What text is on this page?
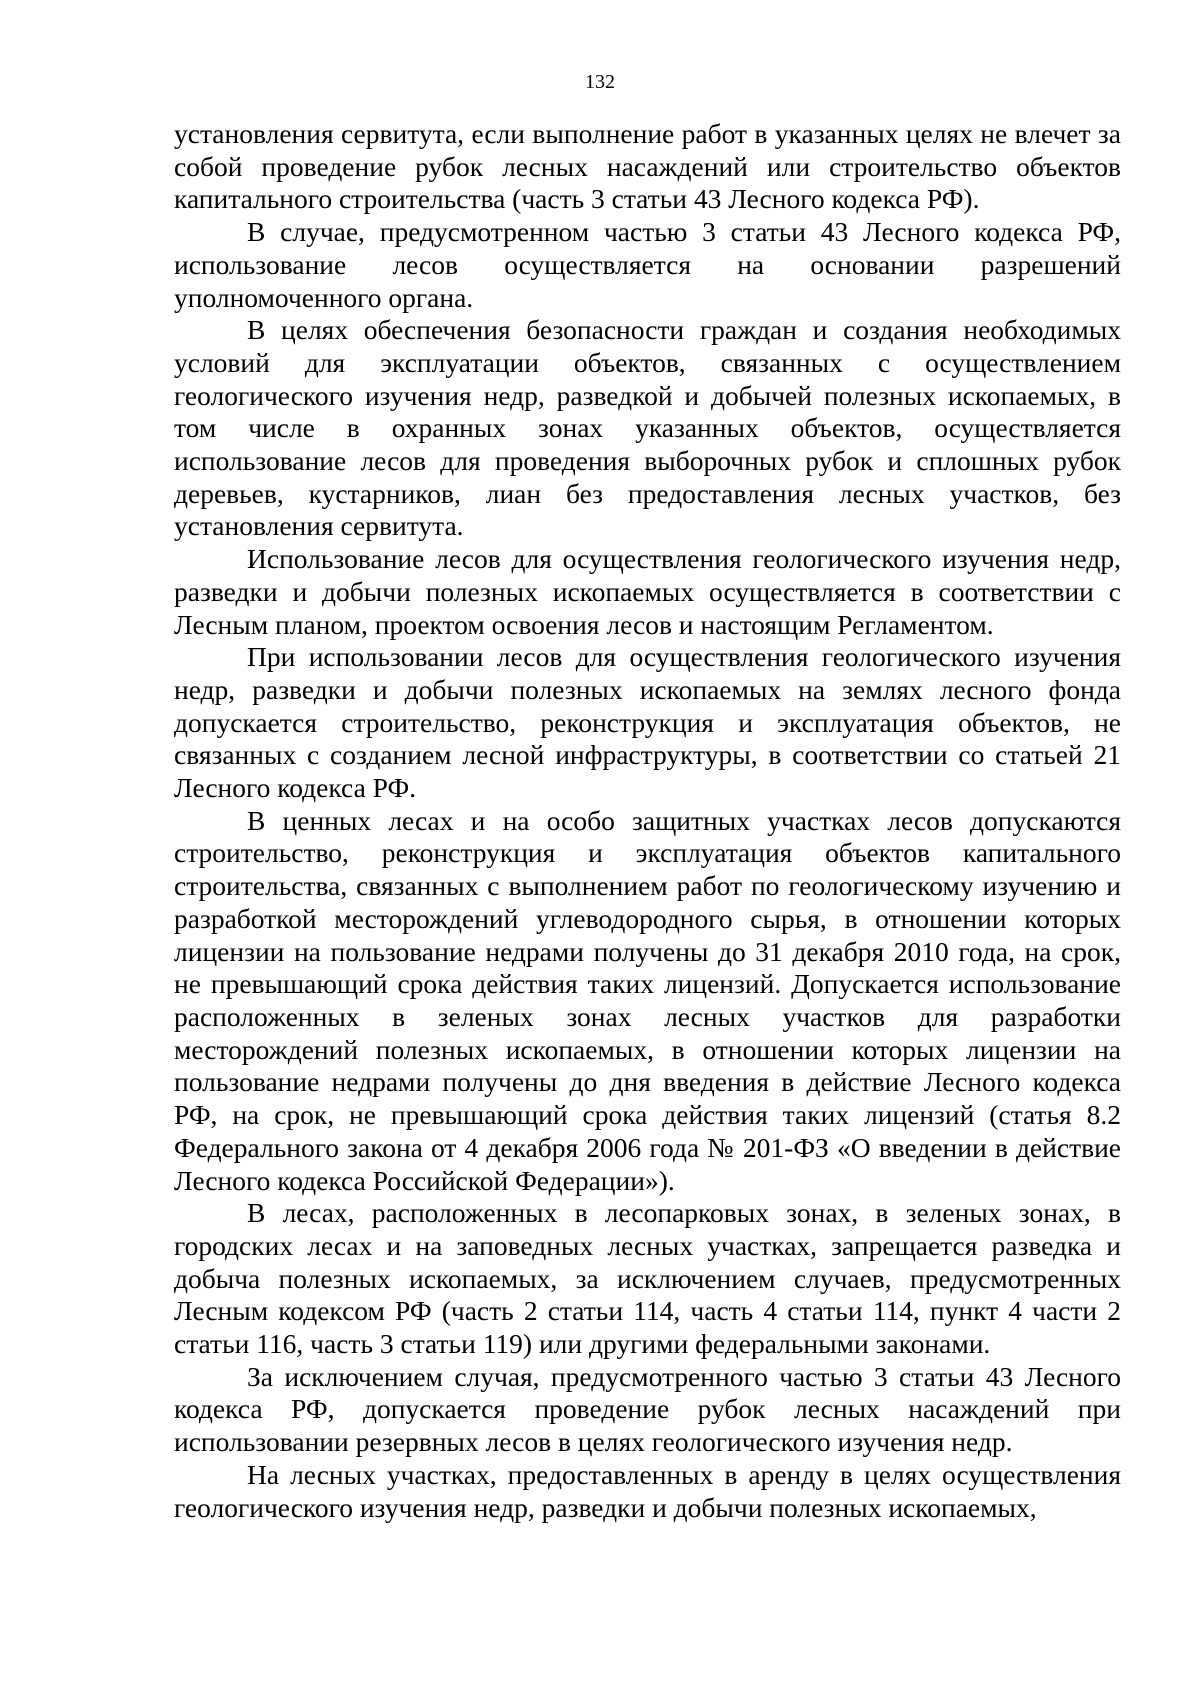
132

установления сервитута, если выполнение работ в указанных целях не влечет за собой проведение рубок лесных насаждений или строительство объектов капитального строительства (часть 3 статьи 43 Лесного кодекса РФ).

В случае, предусмотренном частью 3 статьи 43 Лесного кодекса РФ, использование лесов осуществляется на основании разрешений уполномоченного органа.

В целях обеспечения безопасности граждан и создания необходимых условий для эксплуатации объектов, связанных с осуществлением геологического изучения недр, разведкой и добычей полезных ископаемых, в том числе в охранных зонах указанных объектов, осуществляется использование лесов для проведения выборочных рубок и сплошных рубок деревьев, кустарников, лиан без предоставления лесных участков, без установления сервитута.

Использование лесов для осуществления геологического изучения недр, разведки и добычи полезных ископаемых осуществляется в соответствии с Лесным планом, проектом освоения лесов и настоящим Регламентом.

При использовании лесов для осуществления геологического изучения недр, разведки и добычи полезных ископаемых на землях лесного фонда допускается строительство, реконструкция и эксплуатация объектов, не связанных с созданием лесной инфраструктуры, в соответствии со статьей 21 Лесного кодекса РФ.

В ценных лесах и на особо защитных участках лесов допускаются строительство, реконструкция и эксплуатация объектов капитального строительства, связанных с выполнением работ по геологическому изучению и разработкой месторождений углеводородного сырья, в отношении которых лицензии на пользование недрами получены до 31 декабря 2010 года, на срок, не превышающий срока действия таких лицензий. Допускается использование расположенных в зеленых зонах лесных участков для разработки месторождений полезных ископаемых, в отношении которых лицензии на пользование недрами получены до дня введения в действие Лесного кодекса РФ, на срок, не превышающий срока действия таких лицензий (статья 8.2 Федерального закона от 4 декабря 2006 года № 201-ФЗ «О введении в действие Лесного кодекса Российской Федерации»).

В лесах, расположенных в лесопарковых зонах, в зеленых зонах, в городских лесах и на заповедных лесных участках, запрещается разведка и добыча полезных ископаемых, за исключением случаев, предусмотренных Лесным кодексом РФ (часть 2 статьи 114, часть 4 статьи 114, пункт 4 части 2 статьи 116, часть 3 статьи 119) или другими федеральными законами.

За исключением случая, предусмотренного частью 3 статьи 43 Лесного кодекса РФ, допускается проведение рубок лесных насаждений при использовании резервных лесов в целях геологического изучения недр.

На лесных участках, предоставленных в аренду в целях осуществления геологического изучения недр, разведки и добычи полезных ископаемых,
